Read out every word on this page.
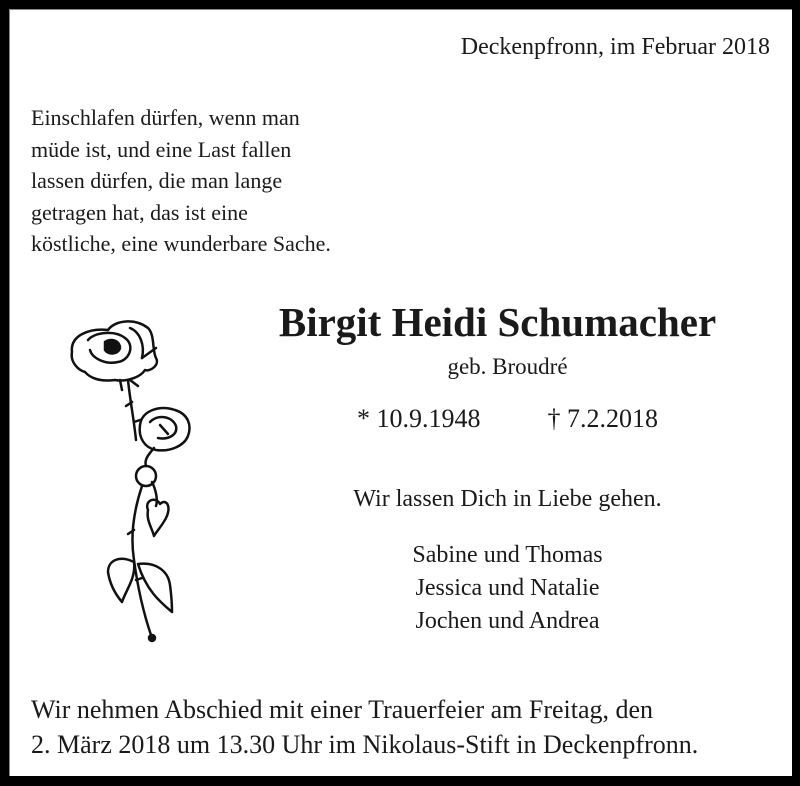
Deckenpfronn, im Februar 2018
Einschlafen dürfen, wenn man
müde ist, und eine Last fallen
lassen dürfen, die man lange
getragen hat, das ist eine
köstliche, eine wunderbare Sache.
Birgit Heidi Schumacher
geb. Broudré
* 10.9.1948	† 7.2.2018
Wir lassen Dich in Liebe gehen.
Sabine und Thomas
Jessica und Natalie
Jochen und Andrea
Wir nehmen Abschied mit einer Trauerfeier am Freitag, den
2. März 2018 um 13.30 Uhr im Nikolaus-Stift in Deckenpfronn.
